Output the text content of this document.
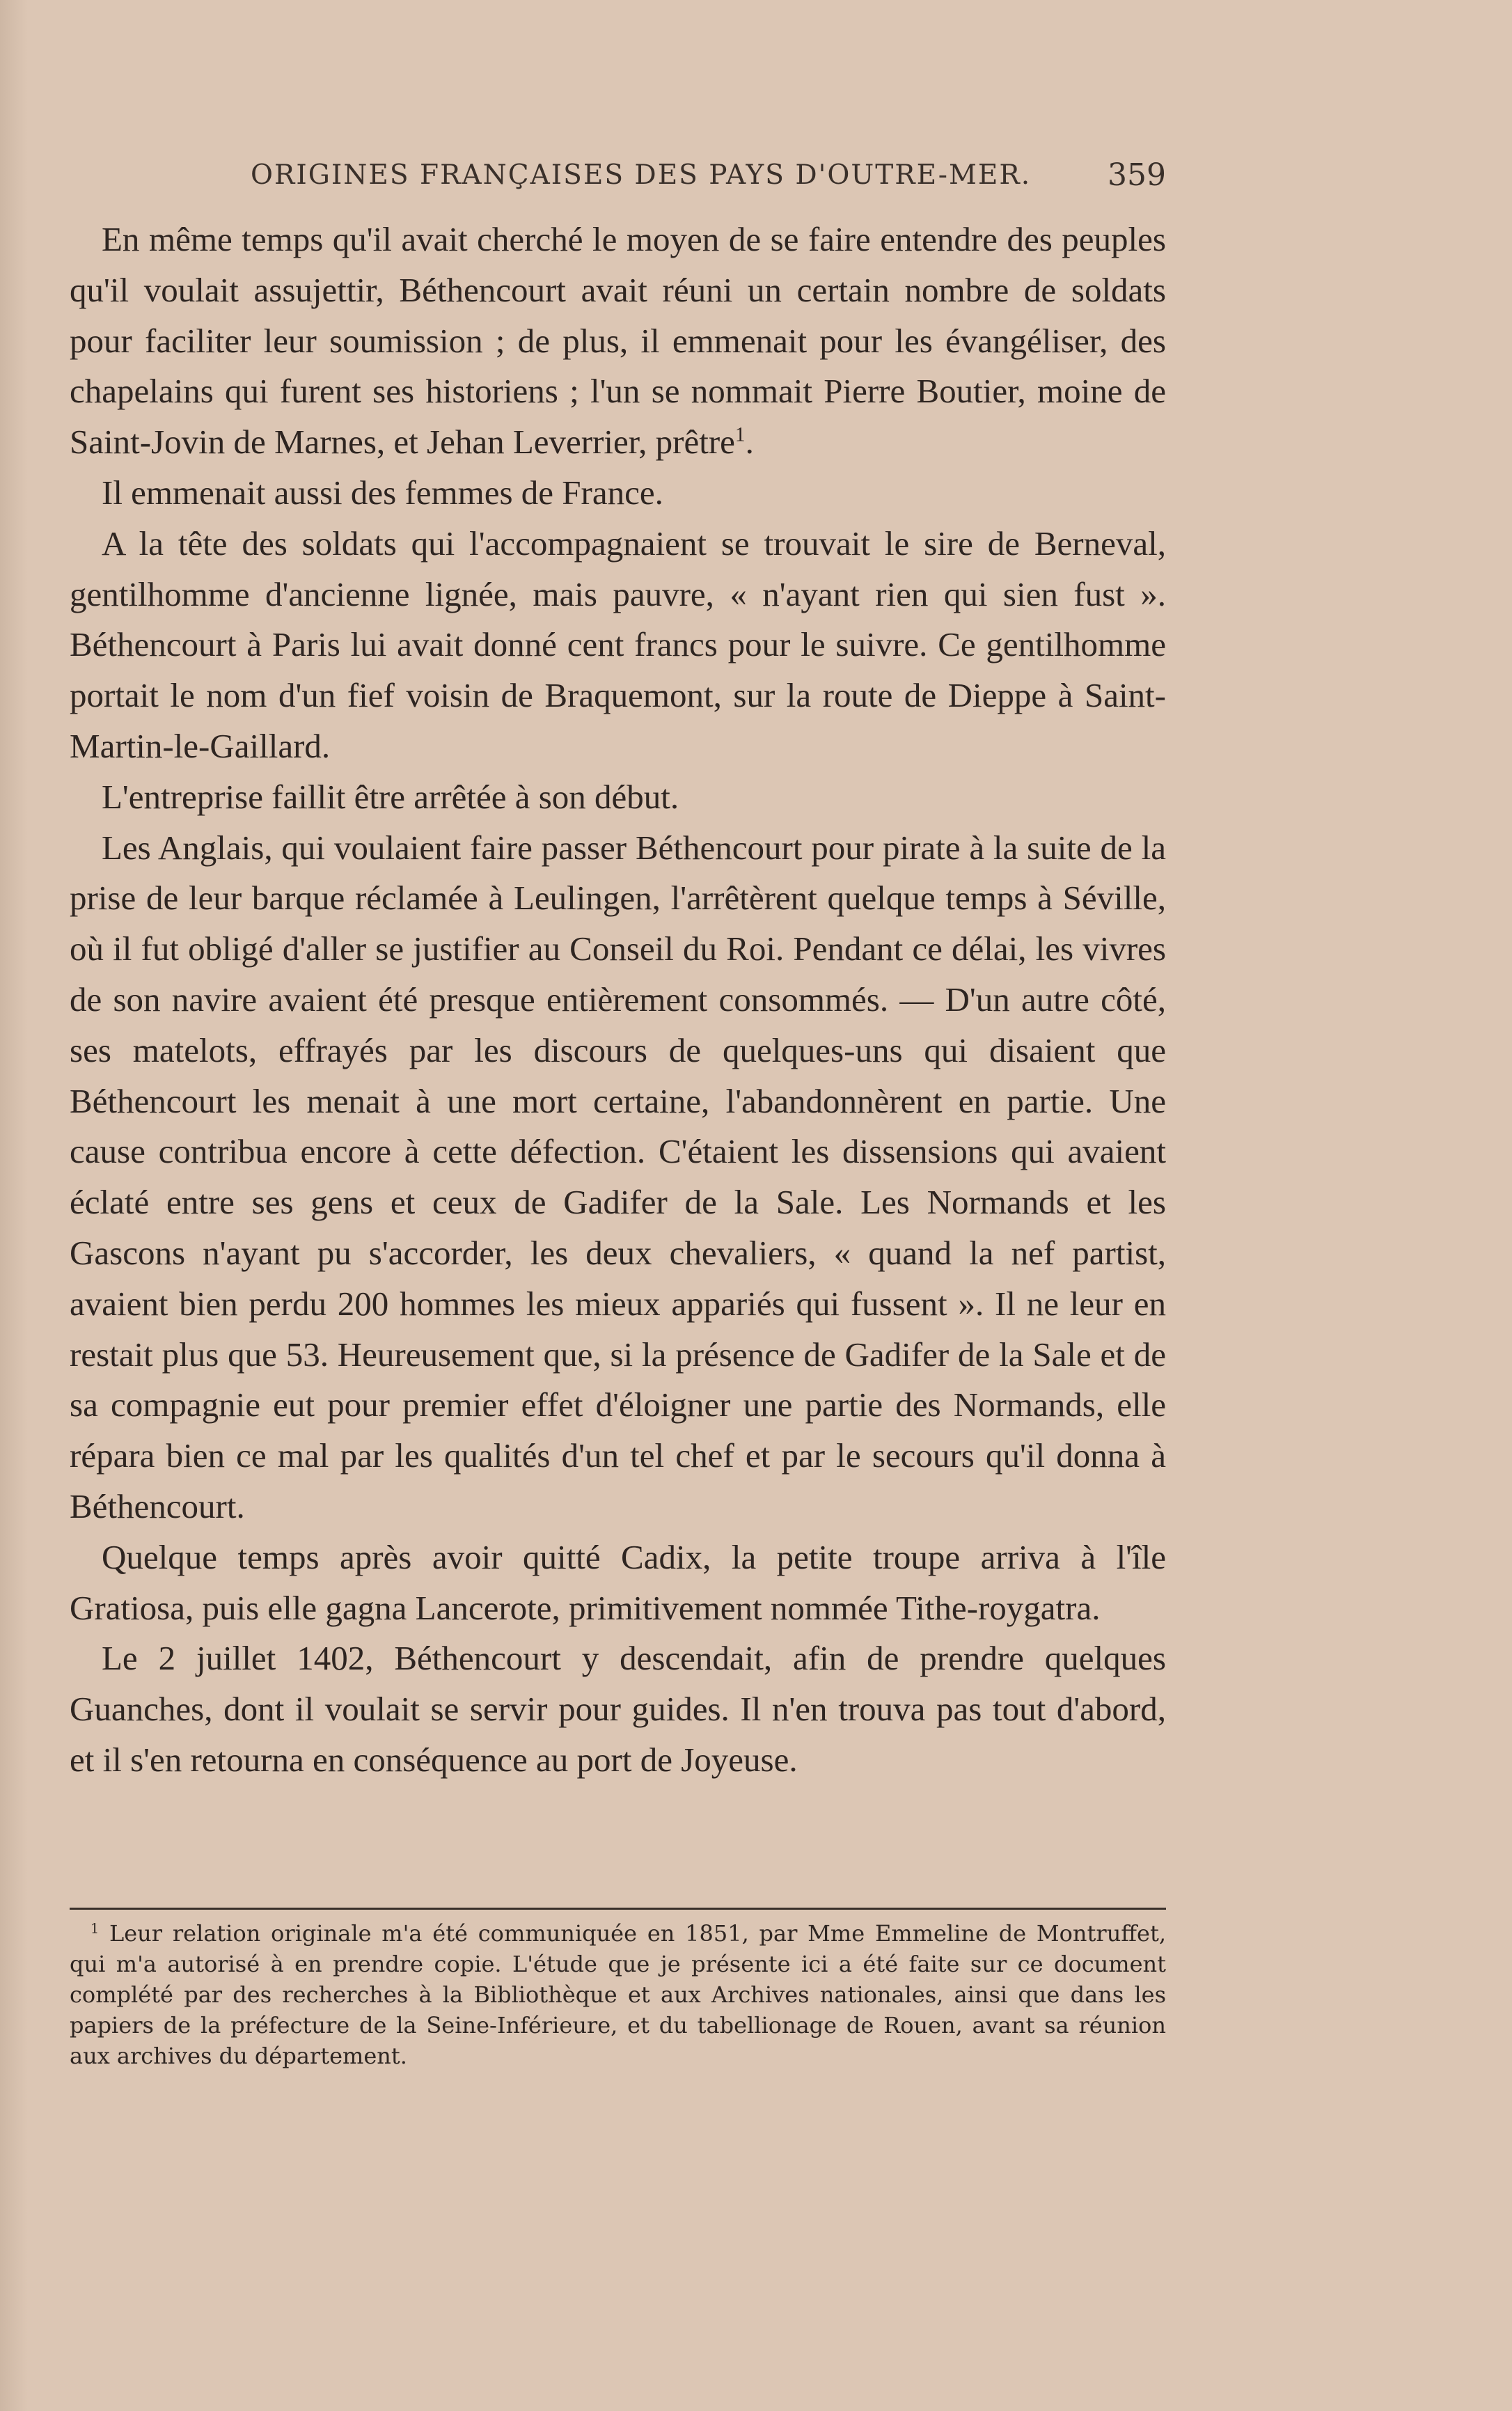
ORIGINES FRANÇAISES DES PAYS D'OUTRE-MER. 359

En même temps qu'il avait cherché le moyen de se faire entendre des peuples qu'il voulait assujettir, Béthencourt avait réuni un certain nombre de soldats pour faciliter leur soumission ; de plus, il emmenait pour les évangéliser, des chapelains qui furent ses historiens ; l'un se nommait Pierre Boutier, moine de Saint-Jovin de Marnes, et Jehan Leverrier, prêtre$^1$.

Il emmenait aussi des femmes de France.

A la tête des soldats qui l'accompagnaient se trouvait le sire de Berneval, gentilhomme d'ancienne lignée, mais pauvre, « n'ayant rien qui sien fust ». Béthencourt à Paris lui avait donné cent francs pour le suivre. Ce gentilhomme portait le nom d'un fief voisin de Braquemont, sur la route de Dieppe à Saint-Martin-le-Gaillard.

L'entreprise faillit être arrêtée à son début.

Les Anglais, qui voulaient faire passer Béthencourt pour pirate à la suite de la prise de leur barque réclamée à Leulingen, l'arrêtèrent quelque temps à Séville, où il fut obligé d'aller se justifier au Conseil du Roi. Pendant ce délai, les vivres de son navire avaient été presque entièrement consommés. — D'un autre côté, ses matelots, effrayés par les discours de quelques-uns qui disaient que Béthencourt les menait à une mort certaine, l'abandonnèrent en partie. Une cause contribua encore à cette défection. C'étaient les dissensions qui avaient éclaté entre ses gens et ceux de Gadifer de la Sale. Les Normands et les Gascons n'ayant pu s'accorder, les deux chevaliers, « quand la nef partist, avaient bien perdu 200 hommes les mieux appariés qui fussent ». Il ne leur en restait plus que 53. Heureusement que, si la présence de Gadifer de la Sale et de sa compagnie eut pour premier effet d'éloigner une partie des Normands, elle répara bien ce mal par les qualités d'un tel chef et par le secours qu'il donna à Béthencourt.

Quelque temps après avoir quitté Cadix, la petite troupe arriva à l'île Gratiosa, puis elle gagna Lancerote, primitivement nommée Tithe-roygatra.

Le 2 juillet 1402, Béthencourt y descendait, afin de prendre quelques Guanches, dont il voulait se servir pour guides. Il n'en trouva pas tout d'abord, et il s'en retourna en conséquence au port de Joyeuse.

$^1$ Leur relation originale m'a été communiquée en 1851, par Mme Emmeline de Montruffet, qui m'a autorisé à en prendre copie. L'étude que je présente ici a été faite sur ce document complété par des recherches à la Bibliothèque et aux Archives nationales, ainsi que dans les papiers de la préfecture de la Seine-Inférieure, et du tabellionage de Rouen, avant sa réunion aux archives du département.
